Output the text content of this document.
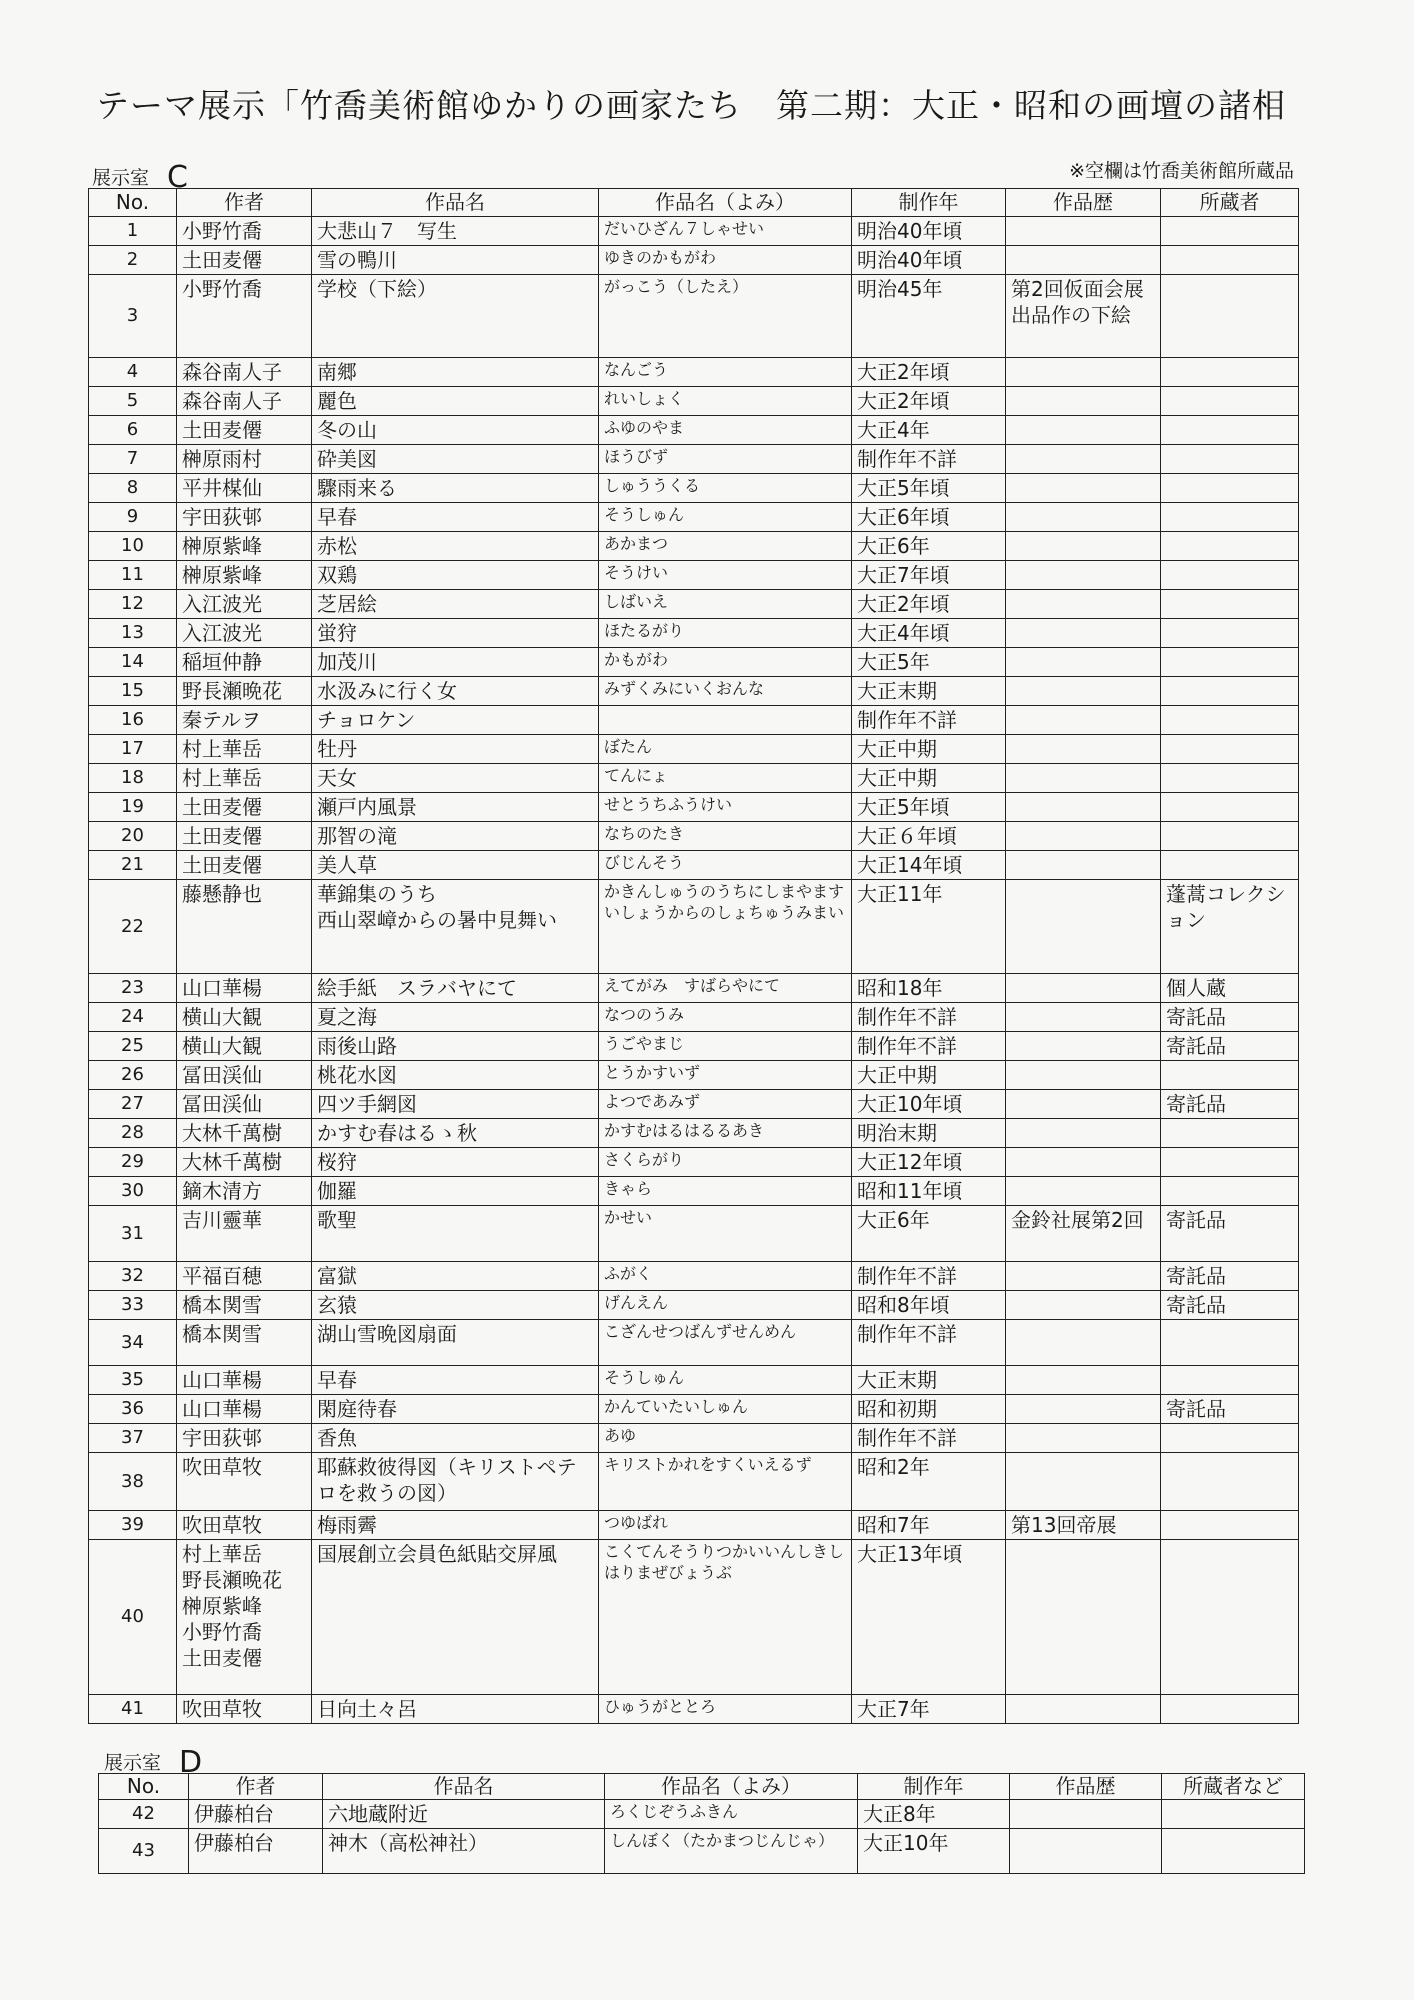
テーマ展示「竹喬美術館ゆかりの画家たち　第二期：大正・昭和の画壇の諸相
展示室 C	※空欄は竹喬美術館所蔵品
No.	作者	作品名	作品名（よみ）	制作年	作品歴	所蔵者
1	小野竹喬	大悲山７　写生	だいひざん７しゃせい	明治40年頃		
2	土田麦僊	雪の鴨川	ゆきのかもがわ	明治40年頃		
3	小野竹喬	学校（下絵）	がっこう（したえ）	明治45年	第2回仮面会展出品作の下絵	
4	森谷南人子	南郷	なんごう	大正2年頃		
5	森谷南人子	麗色	れいしょく	大正2年頃		
6	土田麦僊	冬の山	ふゆのやま	大正4年		
7	榊原雨村	砕美図	ほうびず	制作年不詳		
8	平井楳仙	驟雨来る	しゅううくる	大正5年頃		
9	宇田荻邨	早春	そうしゅん	大正6年頃		
10	榊原紫峰	赤松	あかまつ	大正6年		
11	榊原紫峰	双鶏	そうけい	大正7年頃		
12	入江波光	芝居絵	しばいえ	大正2年頃		
13	入江波光	蛍狩	ほたるがり	大正4年頃		
14	稲垣仲静	加茂川	かもがわ	大正5年		
15	野長瀬晩花	水汲みに行く女	みずくみにいくおんな	大正末期		
16	秦テルヲ	チョロケン		制作年不詳		
17	村上華岳	牡丹	ぼたん	大正中期		
18	村上華岳	天女	てんにょ	大正中期		
19	土田麦僊	瀬戸内風景	せとうちふうけい	大正5年頃		
20	土田麦僊	那智の滝	なちのたき	大正６年頃		
21	土田麦僊	美人草	びじんそう	大正14年頃		
22	藤懸静也	華錦集のうち
西山翠嶂からの暑中見舞い	かきんしゅうのうちにしまやますいしょうからのしょちゅうみまい	大正11年		蓬蒿コレクション
23	山口華楊	絵手紙　スラバヤにて	えてがみ　すばらやにて	昭和18年		個人蔵
24	横山大観	夏之海	なつのうみ	制作年不詳		寄託品
25	横山大観	雨後山路	うごやまじ	制作年不詳		寄託品
26	冨田渓仙	桃花水図	とうかすいず	大正中期		
27	冨田渓仙	四ツ手網図	よつであみず	大正10年頃		寄託品
28	大林千萬樹	かすむ春はるゝ秋	かすむはるはるるあき	明治末期		
29	大林千萬樹	桜狩	さくらがり	大正12年頃		
30	鏑木清方	伽羅	きゃら	昭和11年頃		
31	吉川靈華	歌聖	かせい	大正6年	金鈴社展第2回	寄託品
32	平福百穂	富獄	ふがく	制作年不詳		寄託品
33	橋本関雪	玄猿	げんえん	昭和8年頃		寄託品
34	橋本関雪	湖山雪晩図扇面	こざんせつばんずせんめん	制作年不詳		
35	山口華楊	早春	そうしゅん	大正末期		
36	山口華楊	閑庭待春	かんていたいしゅん	昭和初期		寄託品
37	宇田荻邨	香魚	あゆ	制作年不詳		
38	吹田草牧	耶蘇救彼得図（キリストペテロを救うの図）	キリストかれをすくいえるず	昭和2年		
39	吹田草牧	梅雨霽	つゆばれ	昭和7年	第13回帝展	
40	村上華岳
野長瀬晩花
榊原紫峰
小野竹喬
土田麦僊	国展創立会員色紙貼交屏風	こくてんそうりつかいいんしきしはりまぜびょうぶ	大正13年頃		
41	吹田草牧	日向土々呂	ひゅうがととろ	大正7年		
展示室 D
No.	作者	作品名	作品名（よみ）	制作年	作品歴	所蔵者など
42	伊藤柏台	六地蔵附近	ろくじぞうふきん	大正8年		
43	伊藤柏台	神木（高松神社）	しんぼく（たかまつじんじゃ）	大正10年		
